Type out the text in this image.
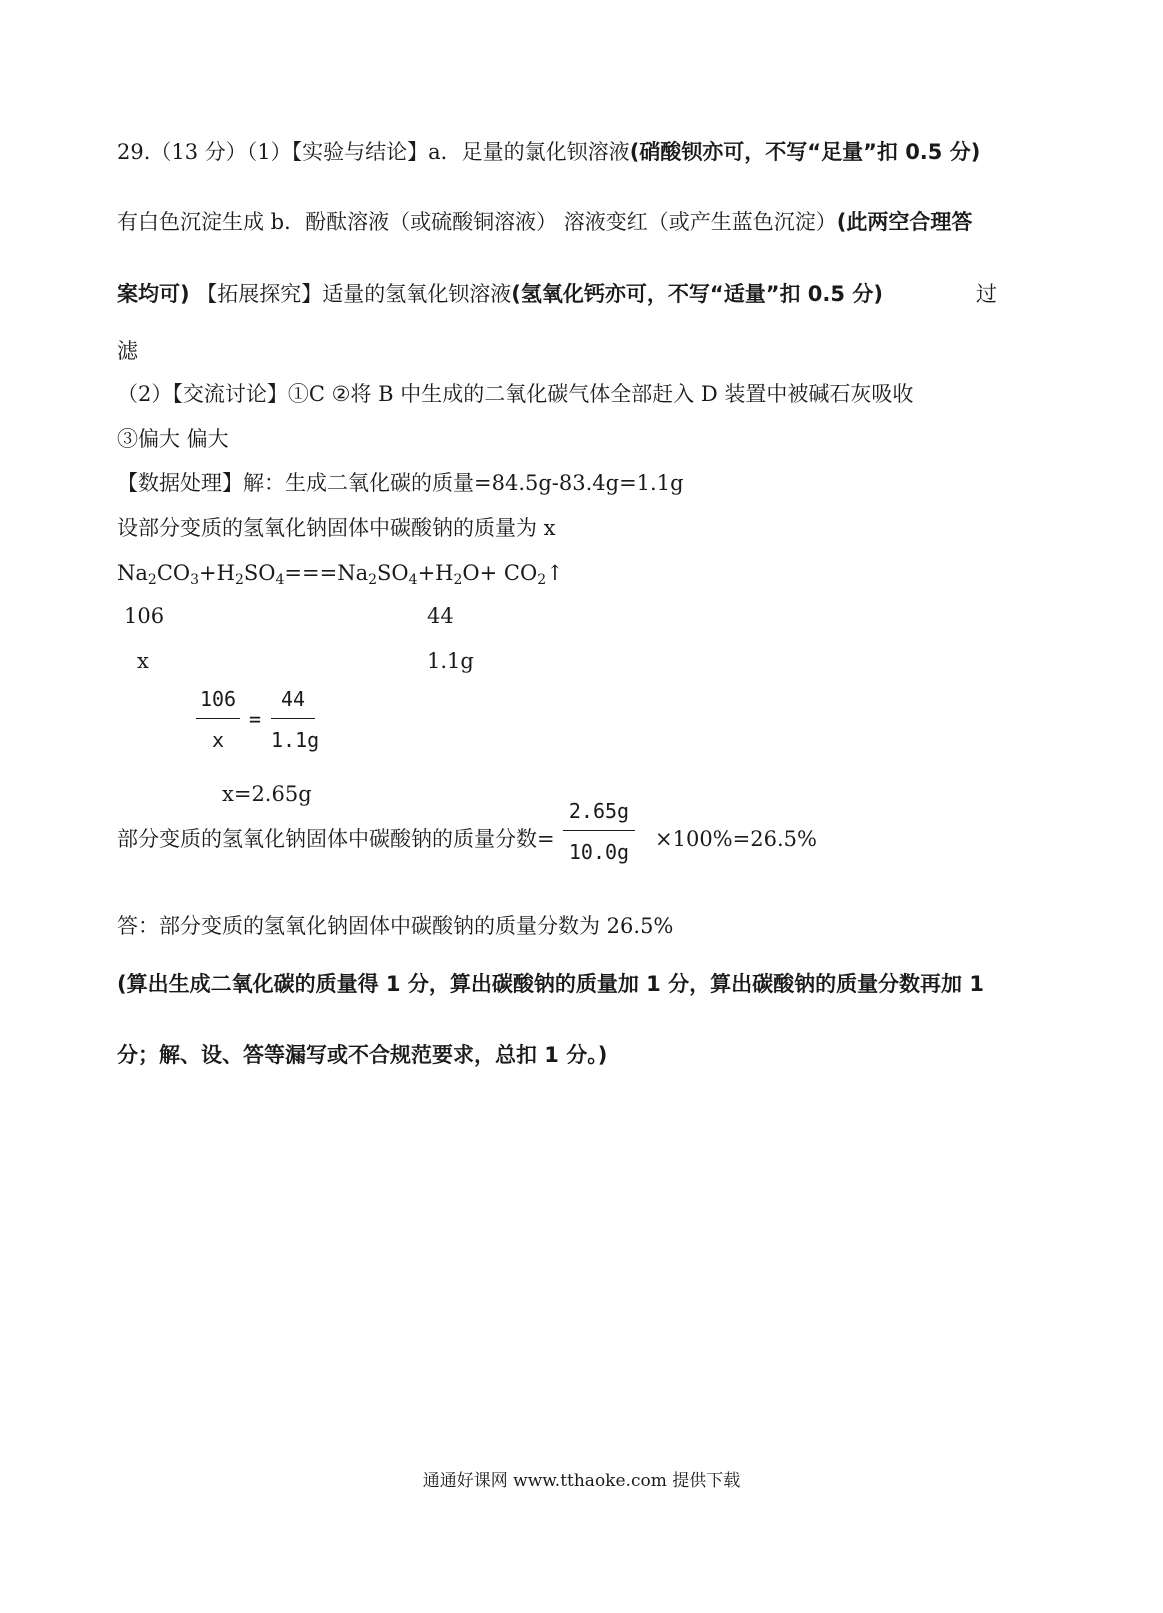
29.（13 分）（1）【实验与结论】a．足量的氯化钡溶液(硝酸钡亦可，不写“足量”扣 0.5 分)
有白色沉淀生成 b．酚酞溶液（或硫酸铜溶液） 溶液变红（或产生蓝色沉淀）(此两空合理答
案均可) 【拓展探究】适量的氢氧化钡溶液(氢氧化钙亦可，不写“适量”扣 0.5 分)	过
滤
（2）【交流讨论】①C ②将 B 中生成的二氧化碳气体全部赶入 D 装置中被碱石灰吸收
③偏大 偏大
【数据处理】解：生成二氧化碳的质量=84.5g-83.4g=1.1g
设部分变质的氢氧化钠固体中碳酸钠的质量为 x
$Na_2CO_3+H_2SO_4===Na_2SO_4+H_2O+$ $CO_2↑$
106	44
x	1.1g
106
x
=
44
1.1g
x=2.65g
部分变质的氢氧化钠固体中碳酸钠的质量分数=
2.65g
10.0g
×100%=26.5%
答：部分变质的氢氧化钠固体中碳酸钠的质量分数为 26.5%
(算出生成二氧化碳的质量得 1 分，算出碳酸钠的质量加 1 分，算出碳酸钠的质量分数再加 1
分；解、设、答等漏写或不合规范要求，总扣 1 分。)
通通好课网 www.tthaoke.com 提供下载
